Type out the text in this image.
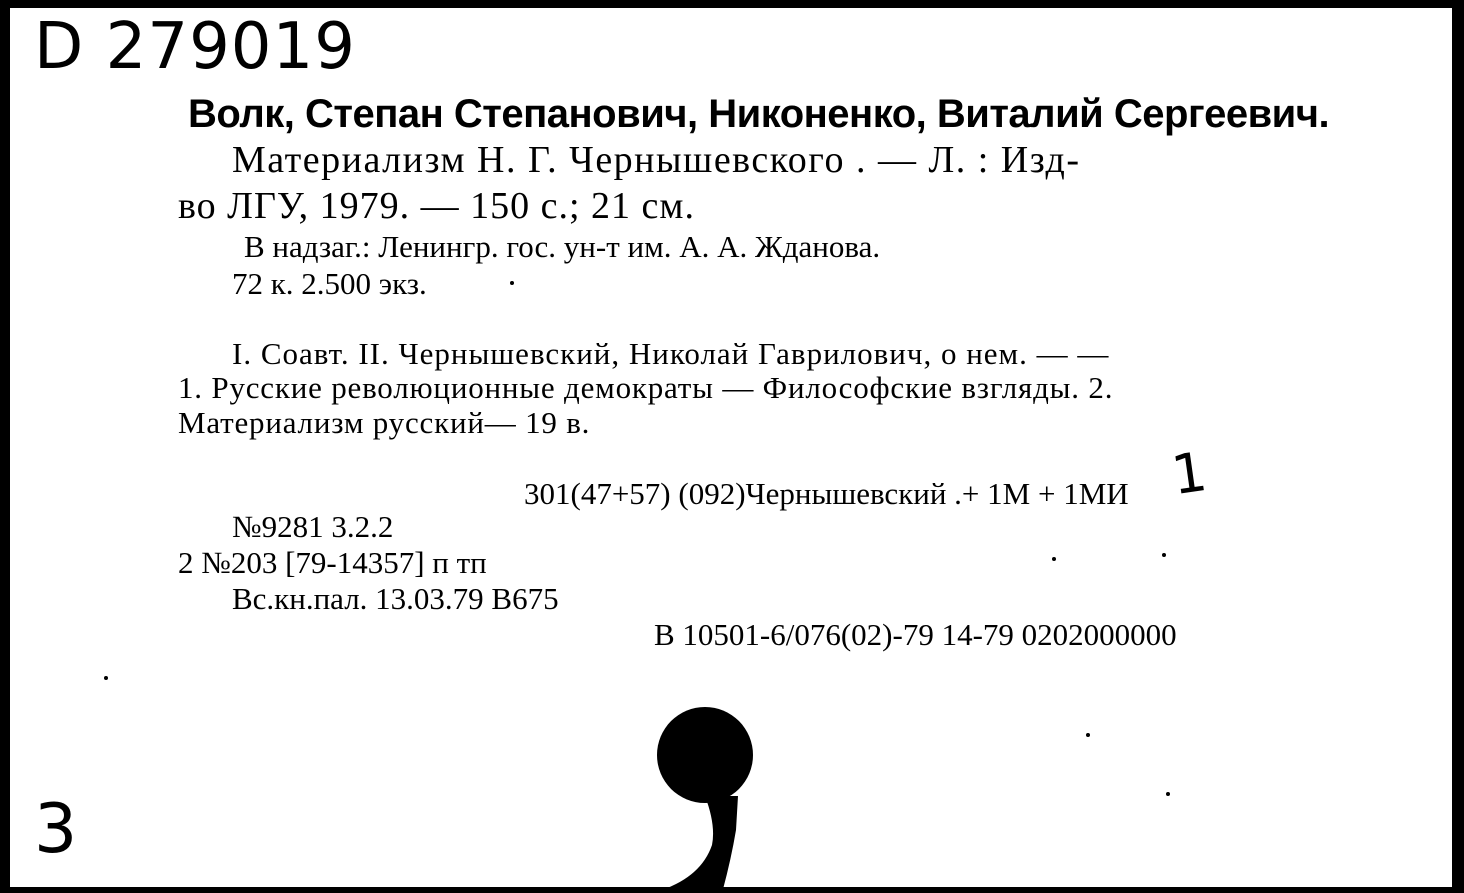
D 279019
Волк, Степан Степанович, Никоненко, Виталий Сергеевич.
Материализм Н. Г. Чернышевского . — Л. : Изд-
во ЛГУ, 1979. — 150 с.; 21 см.
В надзаг.: Ленингр. гос. ун-т им. А. А. Жданова.
72 к. 2.500 экз.
I. Соавт. II. Чернышевский, Николай Гаврилович, о нем. — —
1. Русские революционные демократы — Философские взгляды. 2.
Материализм русский— 19 в.
301(47+57) (092)Чернышевский .+ 1М + 1МИ 1
№9281 3.2.2
2 №203 [79-14357] п тп
Вс.кн.пал. 13.03.79 В675
В 10501-6/076(02)-79 14-79 0202000000
3
